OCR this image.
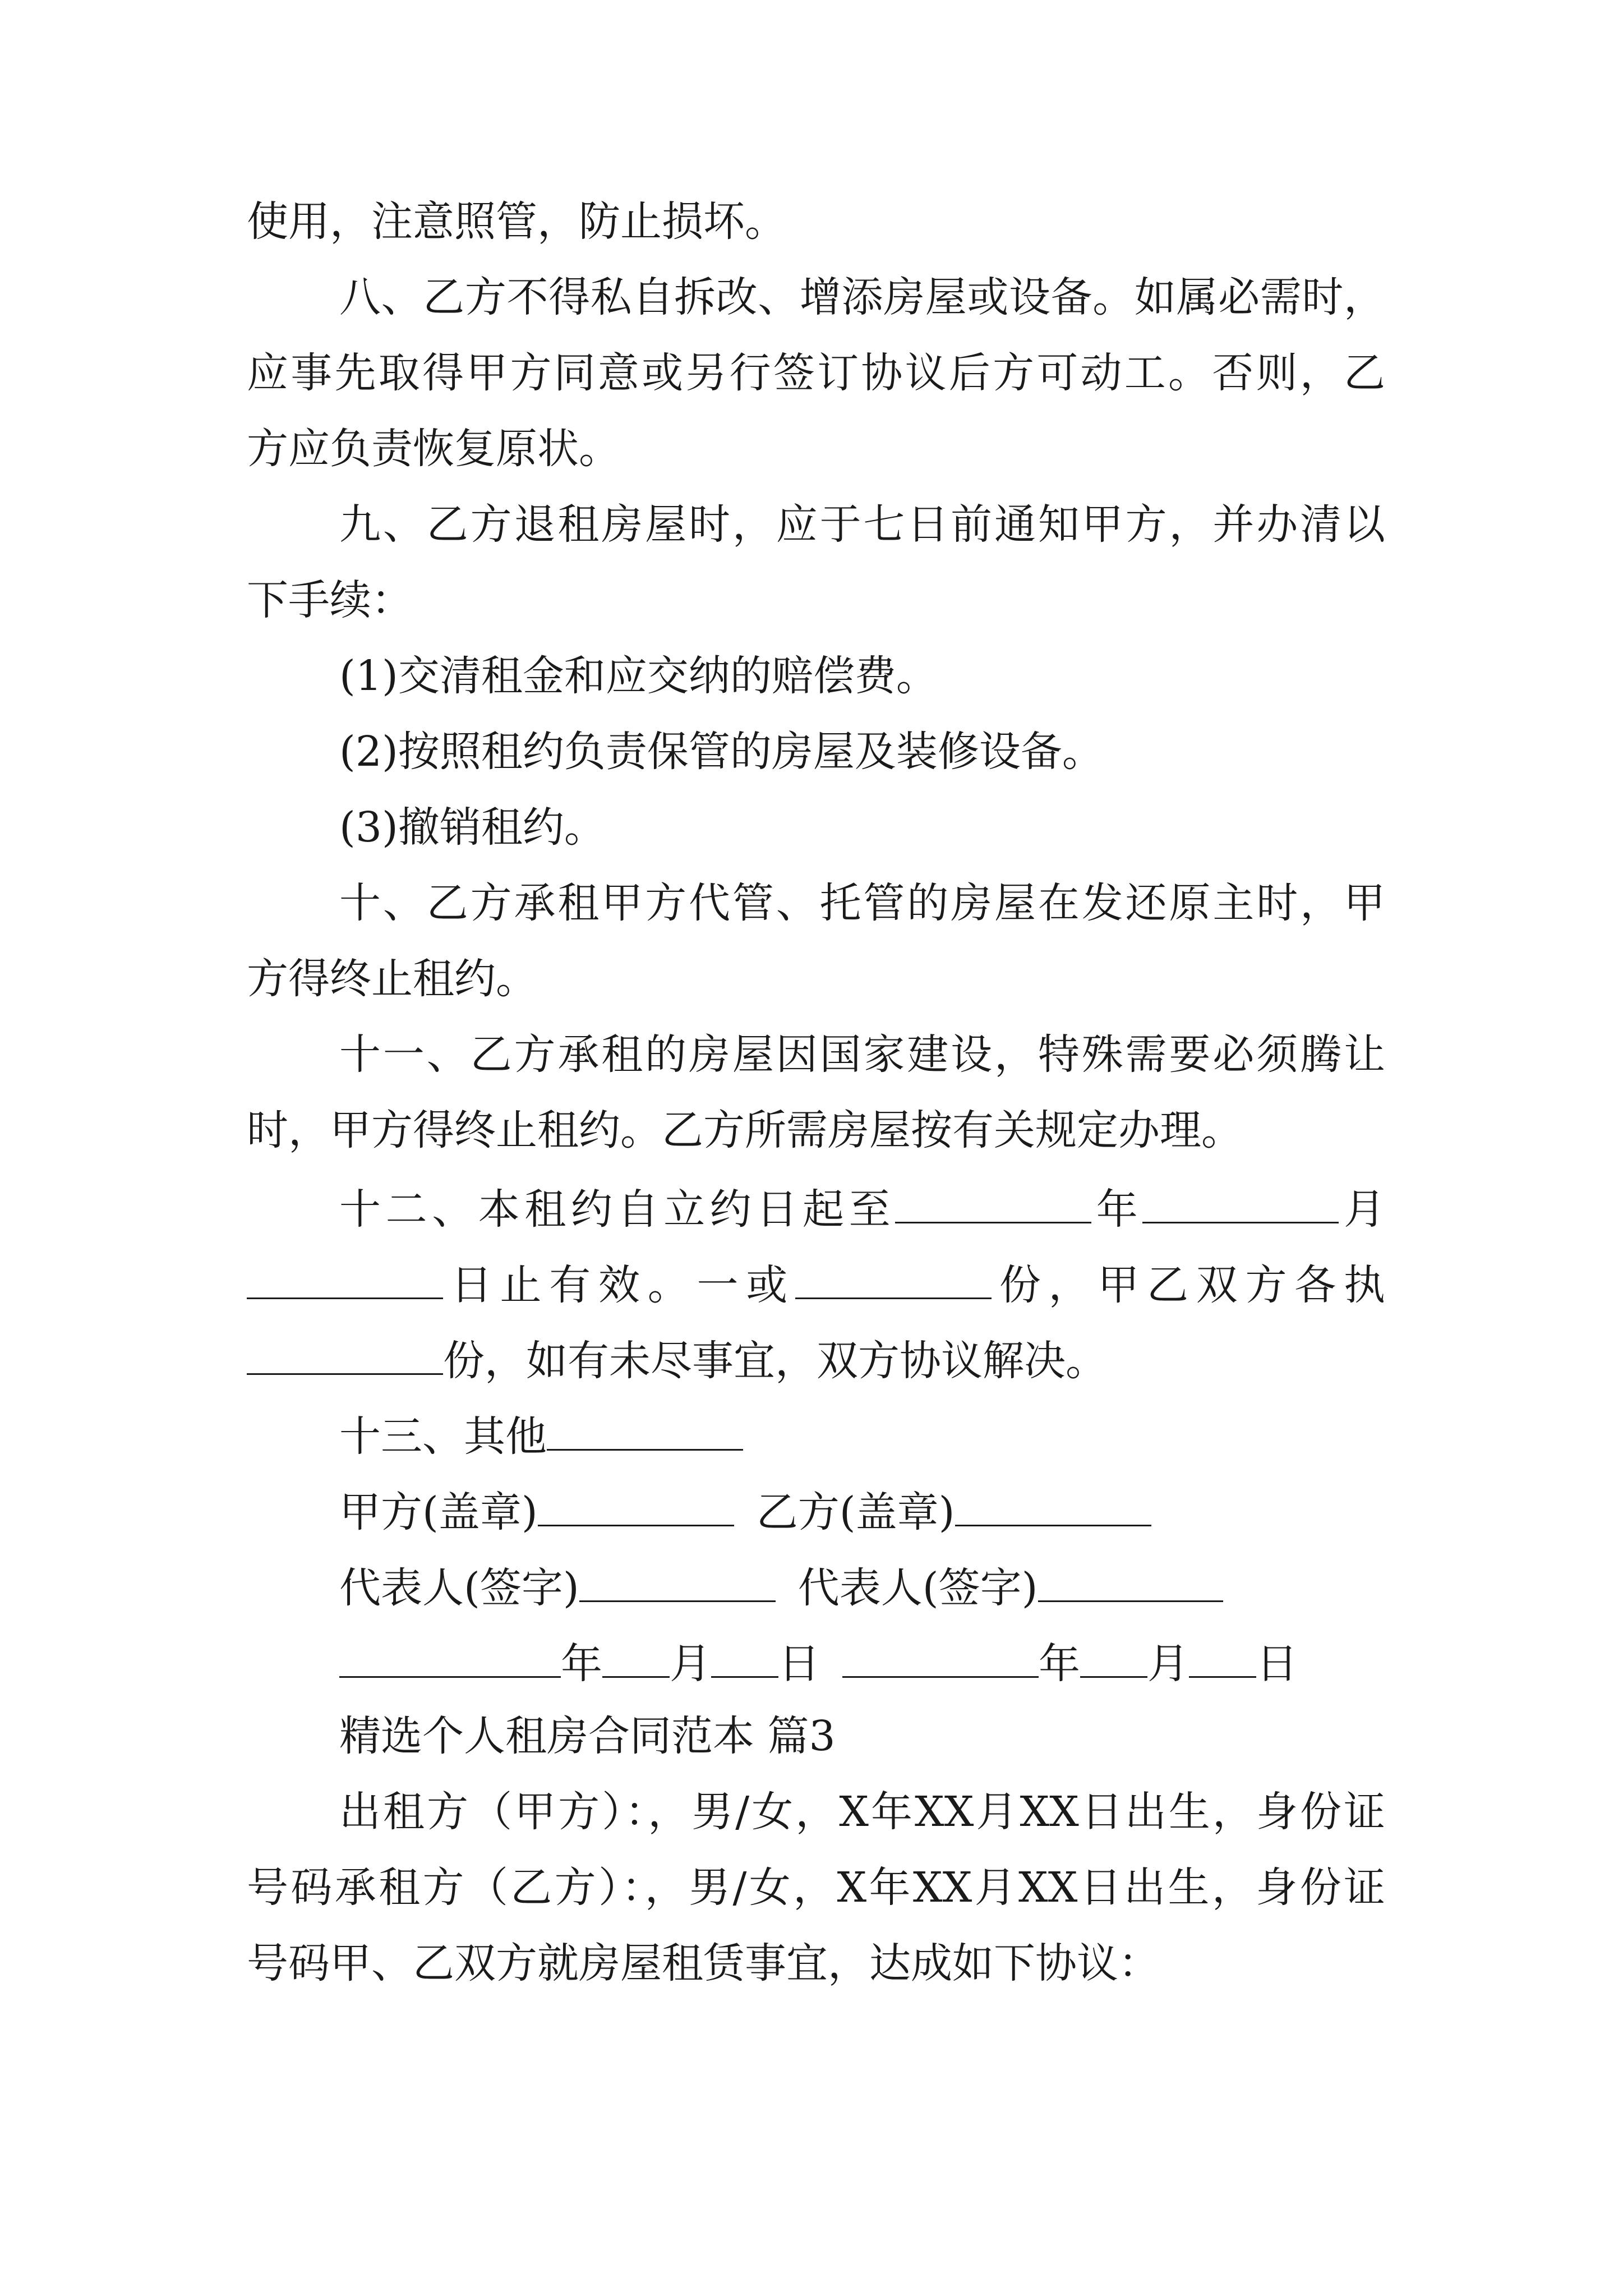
使用，注意照管，防止损坏。
八、乙方不得私自拆改、增添房屋或设备。如属必需时，
应事先取得甲方同意或另行签订协议后方可动工。否则，乙
方应负责恢复原状。
九、乙方退租房屋时，应于七日前通知甲方，并办清以
下手续：
(1)交清租金和应交纳的赔偿费。
(2)按照租约负责保管的房屋及装修设备。
(3)撤销租约。
十、乙方承租甲方代管、托管的房屋在发还原主时，甲
方得终止租约。
十一、乙方承租的房屋因国家建设，特殊需要必须腾让
时，甲方得终止租约。乙方所需房屋按有关规定办理。
十二、本租约自立约日起至	年	月
日止有效。一或	份，甲乙双方各执
份，如有未尽事宜，双方协议解决。
十三、其他
甲方(盖章)	乙方(盖章)
代表人(签字)	代表人(签字)
年 月 日	年 月 日
精选个人租房合同范本 篇3
出租方（甲方）：，男/女，X年XX月XX日出生，身份证
号码承租方（乙方）：，男/女，X年XX月XX日出生，身份证
号码甲、乙双方就房屋租赁事宜，达成如下协议：
